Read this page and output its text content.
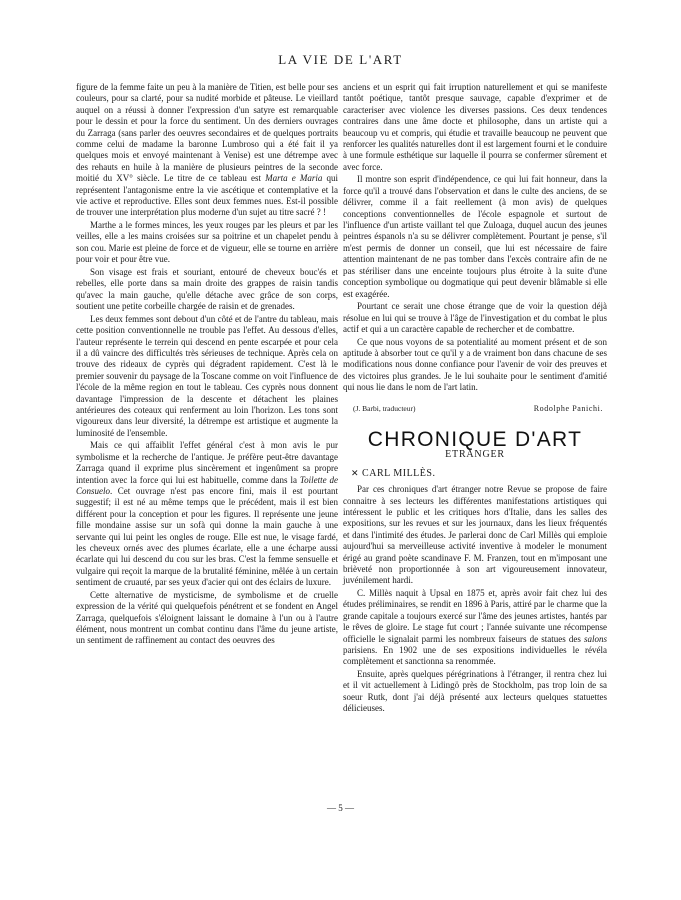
LA VIE DE L'ART

figure de la femme faite un peu à la manière de Titien, est belle pour ses couleurs, pour sa clarté, pour sa nudité morbide et pâteuse. Le vieillard auquel on a réussi à donner l'expression d'un satyre est remarquable pour le dessin et pour la force du sentiment. Un des derniers ouvrages du Zarraga (sans parler des oeuvres secondaires et de quelques portraits comme celui de madame la baronne Lumbroso qui a été fait il ya quelques mois et envoyé maintenant à Venise) est une détrempe avec des rehauts en huile à la manière de plusieurs peintres de la seconde moitié du XV° siècle. Le titre de ce tableau est Marta e Maria qui représentent l'antagonisme entre la vie ascétique et contemplative et la vie active et reproductive. Elles sont deux femmes nues. Est-il possible de trouver une interprétation plus moderne d'un sujet au titre sacré ? !

Marthe a le formes minces, les yeux rouges par les pleurs et par les veilles, elle a les mains croisées sur sa poitrine et un chapelet pendu à son cou. Marie est pleine de force et de vigueur, elle se tourne en arrière pour voir et pour être vue.

Son visage est frais et souriant, entouré de cheveux bouc'és et rebelles, elle porte dans sa main droite des grappes de raisin tandis qu'avec la main gauche, qu'elle détache avec grâce de son corps, soutient une petite corbeille chargée de raisin et de grenades.

Les deux femmes sont debout d'un côté et de l'antre du tableau, mais cette position conventionnelle ne trouble pas l'effet. Au dessous d'elles, l'auteur représente le terrein qui descend en pente escarpée et pour cela il a dû vaincre des difficultés très sérieuses de technique. Après cela on trouve des rideaux de cyprès qui dégradent rapidement. C'est là le premier souvenir du paysage de la Toscane comme on voit l'influence de l'école de la même region en tout le tableau. Ces cyprès nous donnent davantage l'impression de la descente et détachent les plaines antérieures des coteaux qui renferment au loin l'horizon. Les tons sont vigoureux dans leur diversité, la détrempe est artistique et augmente la luminosité de l'ensemble.

Mais ce qui affaiblit l'effet général c'est à mon avis le pur symbolisme et la recherche de l'antique. Je préfère peut-être davantage Zarraga quand il exprime plus sincèrement et ingenûment sa propre intention avec la force qui lui est habituelle, comme dans la Toilette de Consuelo. Cet ouvrage n'est pas encore fini, mais il est pourtant suggestif; il est né au même temps que le précédent, mais il est bien différent pour la conception et pour les figures. Il représente une jeune fille mondaine assise sur un sofà qui donne la main gauche à une servante qui lui peint les ongles de rouge. Elle est nue, le visage fardé, les cheveux ornés avec des plumes écarlate, elle a une écharpe aussi écarlate qui lui descend du cou sur les bras. C'est la femme sensuelle et vulgaire qui reçoit la marque de la brutalité féminine, mêlée à un certain sentiment de cruauté, par ses yeux d'acier qui ont des éclairs de luxure.

Cette alternative de mysticisme, de symbolisme et de cruelle expression de la vérité qui quelquefois pénétrent et se fondent en Angel Zarraga, quelquefois s'éloignent laissant le domaine à l'un ou à l'autre élément, nous montrent un combat continu dans l'âme du jeune artiste, un sentiment de raffinement au contact des oeuvres des

anciens et un esprit qui fait irruption naturellement et qui se manifeste tantôt poétique, tantôt presque sauvage, capable d'exprimer et de caracteriser avec violence les diverses passions. Ces deux tendences contraires dans une âme docte et philosophe, dans un artiste qui a beaucoup vu et compris, qui étudie et travaille beaucoup ne peuvent que renforcer les qualités naturelles dont il est largement fourni et le conduire à une formule esthétique sur laquelle il pourra se confermer sûrement et avec force.

Il montre son esprit d'indépendence, ce qui lui fait honneur, dans la force qu'il a trouvé dans l'observation et dans le culte des anciens, de se délivrer, comme il a fait reellement (à mon avis) de quelques conceptions conventionnelles de l'école espagnole et surtout de l'influence d'un artiste vaillant tel que Zuloaga, duquel aucun des jeunes peintres éspanols n'a su se délivrer complètement. Pourtant je pense, s'il m'est permis de donner un conseil, que lui est nécessaire de faire attention maintenant de ne pas tomber dans l'excès contraire afin de ne pas stériliser dans une enceinte toujours plus étroite à la suite d'une conception symbolique ou dogmatique qui peut devenir blâmable si elle est exagérée.

Pourtant ce serait une chose étrange que de voir la question déjà résolue en lui qui se trouve à l'âge de l'investigation et du combat le plus actif et qui a un caractère capable de rechercher et de combattre.

Ce que nous voyons de sa potentialité au moment présent et de son aptitude à absorber tout ce qu'il y a de vraiment bon dans chacune de ses modifications nous donne confiance pour l'avenir de voir des preuves et des victoires plus grandes. Je le lui souhaite pour le sentiment d'amitié qui nous lie dans le nom de l'art latin.

(J. Barbi, traducteur)	Rodolphe Panichi.
CHRONIQUE D'ART
ETRANGER
✕ CARL MILLÈS.

Par ces chroniques d'art étranger notre Revue se propose de faire connaitre à ses lecteurs les différentes manifestations artistiques qui intéressent le public et les critiques hors d'Italie, dans les salles des expositions, sur les revues et sur les journaux, dans les lieux fréquentés et dans l'intimité des études. Je parlerai donc de Carl Millès qui emploie aujourd'hui sa merveilleuse activité inventive à modeler le monument érigé au grand poète scandinave F. M. Franzen, tout en m'imposant une brièveté non proportionnée à son art vigoureusement innovateur, juvénilement hardi.

C. Millès naquit à Upsal en 1875 et, après avoir fait chez lui des études préliminaires, se rendit en 1896 à Paris, attiré par le charme que la grande capitale a toujours exercé sur l'âme des jeunes artistes, hantés par le rêves de gloire. Le stage fut court ; l'année suivante une récompense officielle le signalait parmi les nombreux faiseurs de statues des salons parisiens. En 1902 une de ses expositions individuelles le révéla complètement et sanctionna sa renommée.

Ensuite, après quelques pérégrinations à l'étranger, il rentra chez lui et il vit actuellement à Lidingö près de Stockholm, pas trop loin de sa soeur Rutk, dont j'ai déjà présenté aux lecteurs quelques statuettes délicieuses.

— 5 —
